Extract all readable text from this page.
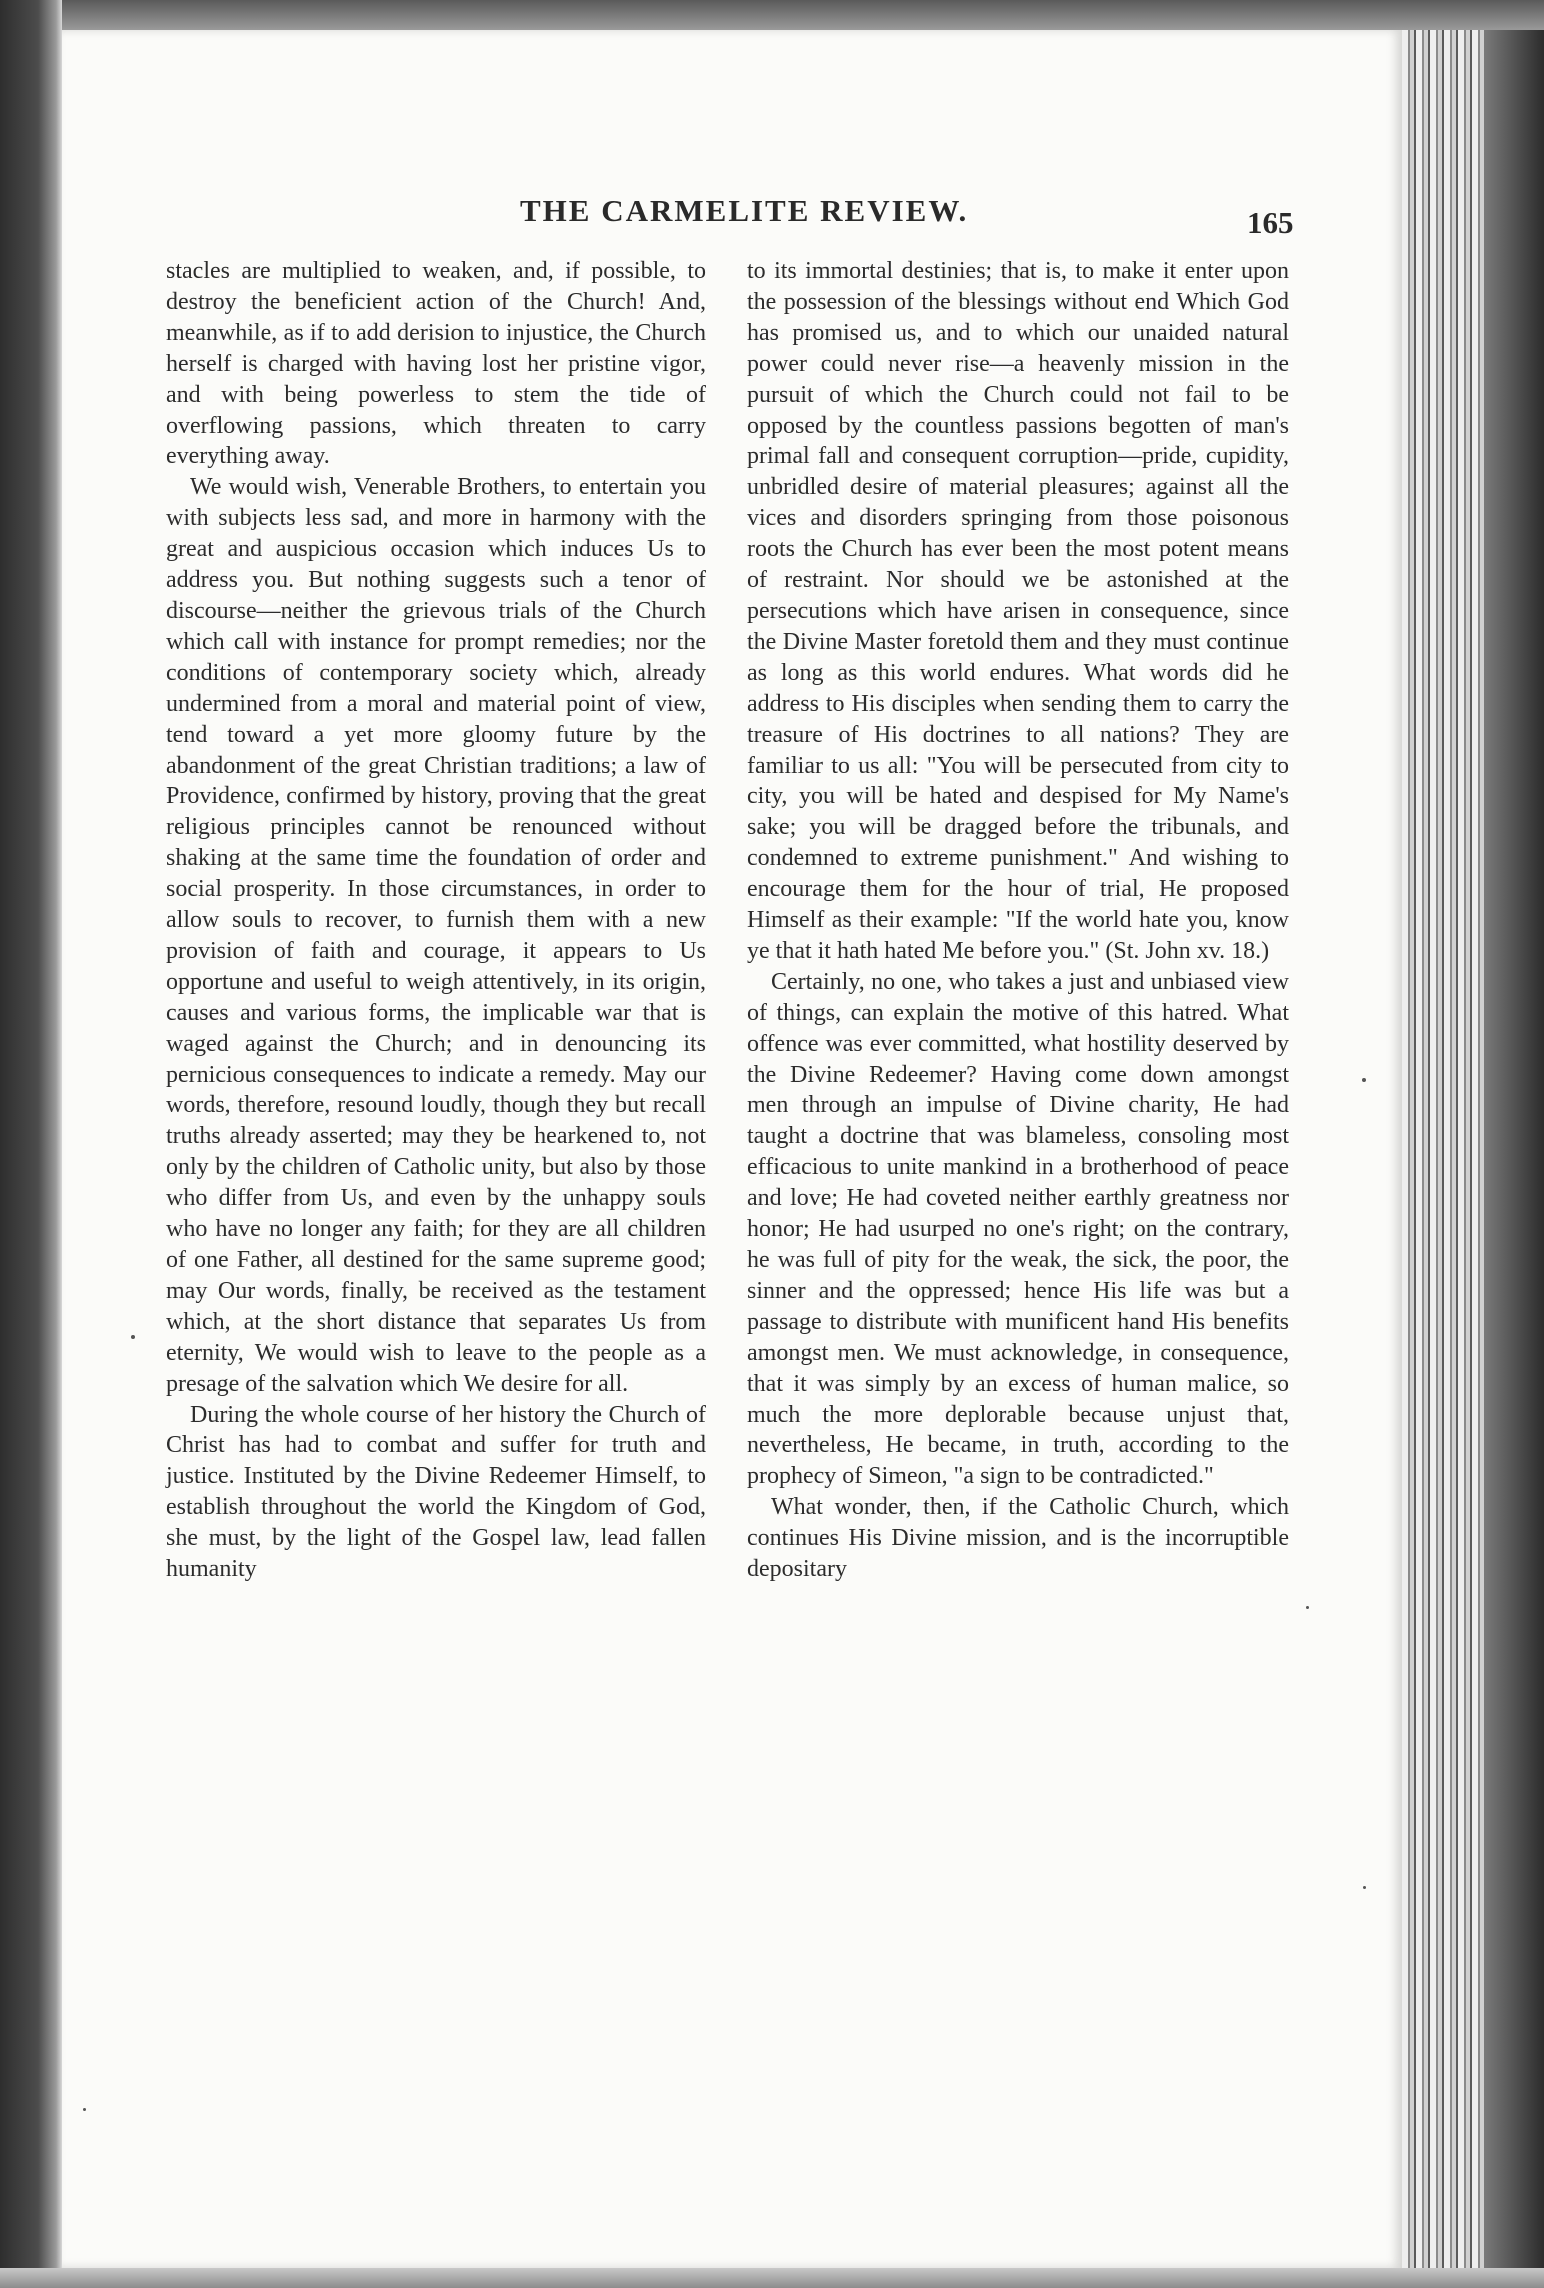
THE CARMELITE REVIEW.	165

stacles are multiplied to weaken, and, if possible, to destroy the beneficient action of the Church! And, meanwhile, as if to add derision to injustice, the Church herself is charged with having lost her pristine vigor, and with being powerless to stem the tide of overflowing passions, which threaten to carry everything away.

We would wish, Venerable Brothers, to entertain you with subjects less sad, and more in harmony with the great and auspicious occasion which induces Us to address you. But nothing suggests such a tenor of discourse—neither the grievous trials of the Church which call with instance for prompt remedies; nor the conditions of contemporary society which, already undermined from a moral and material point of view, tend toward a yet more gloomy future by the abandonment of the great Christian traditions; a law of Providence, confirmed by history, proving that the great religious principles cannot be renounced without shaking at the same time the foundation of order and social prosperity. In those circumstances, in order to allow souls to recover, to furnish them with a new provision of faith and courage, it appears to Us opportune and useful to weigh attentively, in its origin, causes and various forms, the implicable war that is waged against the Church; and in denouncing its pernicious consequences to indicate a remedy. May our words, therefore, resound loudly, though they but recall truths already asserted; may they be hearkened to, not only by the children of Catholic unity, but also by those who differ from Us, and even by the unhappy souls who have no longer any faith; for they are all children of one Father, all destined for the same supreme good; may Our words, finally, be received as the testament which, at the short distance that separates Us from eternity, We would wish to leave to the people as a presage of the salvation which We desire for all.

During the whole course of her history the Church of Christ has had to combat and suffer for truth and justice. Instituted by the Divine Redeemer Himself, to establish throughout the world the Kingdom of God, she must, by the light of the Gospel law, lead fallen humanity

to its immortal destinies; that is, to make it enter upon the possession of the blessings without end Which God has promised us, and to which our unaided natural power could never rise—a heavenly mission in the pursuit of which the Church could not fail to be opposed by the countless passions begotten of man's primal fall and consequent corruption—pride, cupidity, unbridled desire of material pleasures; against all the vices and disorders springing from those poisonous roots the Church has ever been the most potent means of restraint. Nor should we be astonished at the persecutions which have arisen in consequence, since the Divine Master foretold them and they must continue as long as this world endures. What words did he address to His disciples when sending them to carry the treasure of His doctrines to all nations? They are familiar to us all: "You will be persecuted from city to city, you will be hated and despised for My Name's sake; you will be dragged before the tribunals, and condemned to extreme punishment." And wishing to encourage them for the hour of trial, He proposed Himself as their example: "If the world hate you, know ye that it hath hated Me before you." (St. John xv. 18.)

Certainly, no one, who takes a just and unbiased view of things, can explain the motive of this hatred. What offence was ever committed, what hostility deserved by the Divine Redeemer? Having come down amongst men through an impulse of Divine charity, He had taught a doctrine that was blameless, consoling most efficacious to unite mankind in a brotherhood of peace and love; He had coveted neither earthly greatness nor honor; He had usurped no one's right; on the contrary, he was full of pity for the weak, the sick, the poor, the sinner and the oppressed; hence His life was but a passage to distribute with munificent hand His benefits amongst men. We must acknowledge, in consequence, that it was simply by an excess of human malice, so much the more deplorable because unjust that, nevertheless, He became, in truth, according to the prophecy of Simeon, "a sign to be contradicted."

What wonder, then, if the Catholic Church, which continues His Divine mission, and is the incorruptible depositary
